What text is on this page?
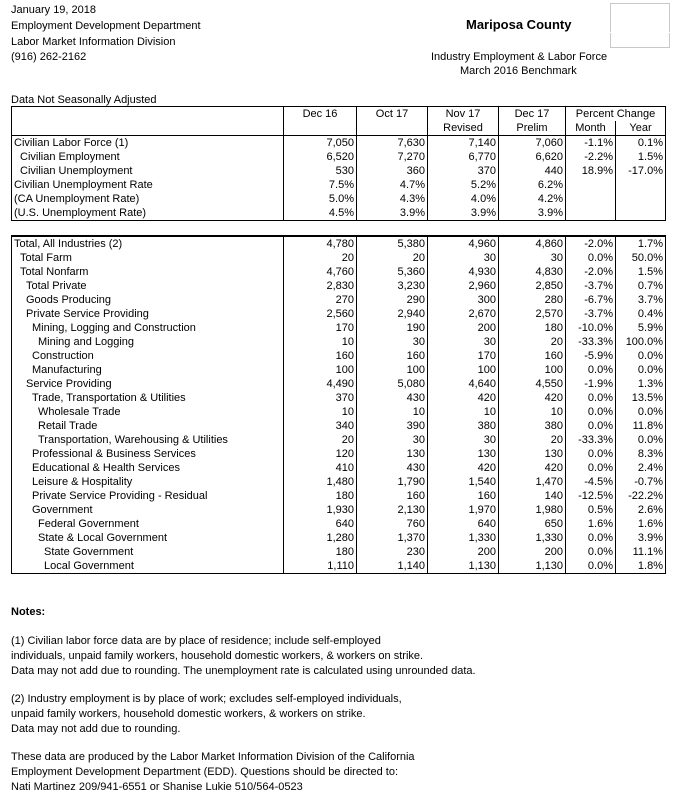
January 19, 2018
Employment Development Department
Labor Market Information Division
(916) 262-2162
Mariposa County
Industry Employment & Labor Force
March 2016 Benchmark
Data Not Seasonally Adjusted
	Dec 16	Oct 17	Nov 17	Dec 17	Percent Change	
			Revised	Prelim	Month	Year
Civilian Labor Force (1)	7,050	7,630	7,140	7,060	-1.1%	0.1%
Civilian Employment	6,520	7,270	6,770	6,620	-2.2%	1.5%
Civilian Unemployment	530	360	370	440	18.9%	-17.0%
Civilian Unemployment Rate	7.5%	4.7%	5.2%	6.2%		
(CA Unemployment Rate)	5.0%	4.3%	4.0%	4.2%		
(U.S. Unemployment Rate)	4.5%	3.9%	3.9%	3.9%		
Total, All Industries (2)	4,780	5,380	4,960	4,860	-2.0%	1.7%
Total Farm	20	20	30	30	0.0%	50.0%
Total Nonfarm	4,760	5,360	4,930	4,830	-2.0%	1.5%
Total Private	2,830	3,230	2,960	2,850	-3.7%	0.7%
Goods Producing	270	290	300	280	-6.7%	3.7%
Private Service Providing	2,560	2,940	2,670	2,570	-3.7%	0.4%
Mining, Logging and Construction	170	190	200	180	-10.0%	5.9%
Mining and Logging	10	30	30	20	-33.3%	100.0%
Construction	160	160	170	160	-5.9%	0.0%
Manufacturing	100	100	100	100	0.0%	0.0%
Service Providing	4,490	5,080	4,640	4,550	-1.9%	1.3%
Trade, Transportation & Utilities	370	430	420	420	0.0%	13.5%
Wholesale Trade	10	10	10	10	0.0%	0.0%
Retail Trade	340	390	380	380	0.0%	11.8%
Transportation, Warehousing & Utilities	20	30	30	20	-33.3%	0.0%
Professional & Business Services	120	130	130	130	0.0%	8.3%
Educational & Health Services	410	430	420	420	0.0%	2.4%
Leisure & Hospitality	1,480	1,790	1,540	1,470	-4.5%	-0.7%
Private Service Providing - Residual	180	160	160	140	-12.5%	-22.2%
Government	1,930	2,130	1,970	1,980	0.5%	2.6%
Federal Government	640	760	640	650	1.6%	1.6%
State & Local Government	1,280	1,370	1,330	1,330	0.0%	3.9%
State Government	180	230	200	200	0.0%	11.1%
Local Government	1,110	1,140	1,130	1,130	0.0%	1.8%
Notes:
(1) Civilian labor force data are by place of residence; include self-employed
individuals, unpaid family workers, household domestic workers, & workers on strike.
Data may not add due to rounding. The unemployment rate is calculated using unrounded data.
(2) Industry employment is by place of work; excludes self-employed individuals,
unpaid family workers, household domestic workers, & workers on strike.
Data may not add due to rounding.
These data are produced by the Labor Market Information Division of the California
Employment Development Department (EDD). Questions should be directed to:
Nati Martinez 209/941-6551 or Shanise Lukie 510/564-0523
